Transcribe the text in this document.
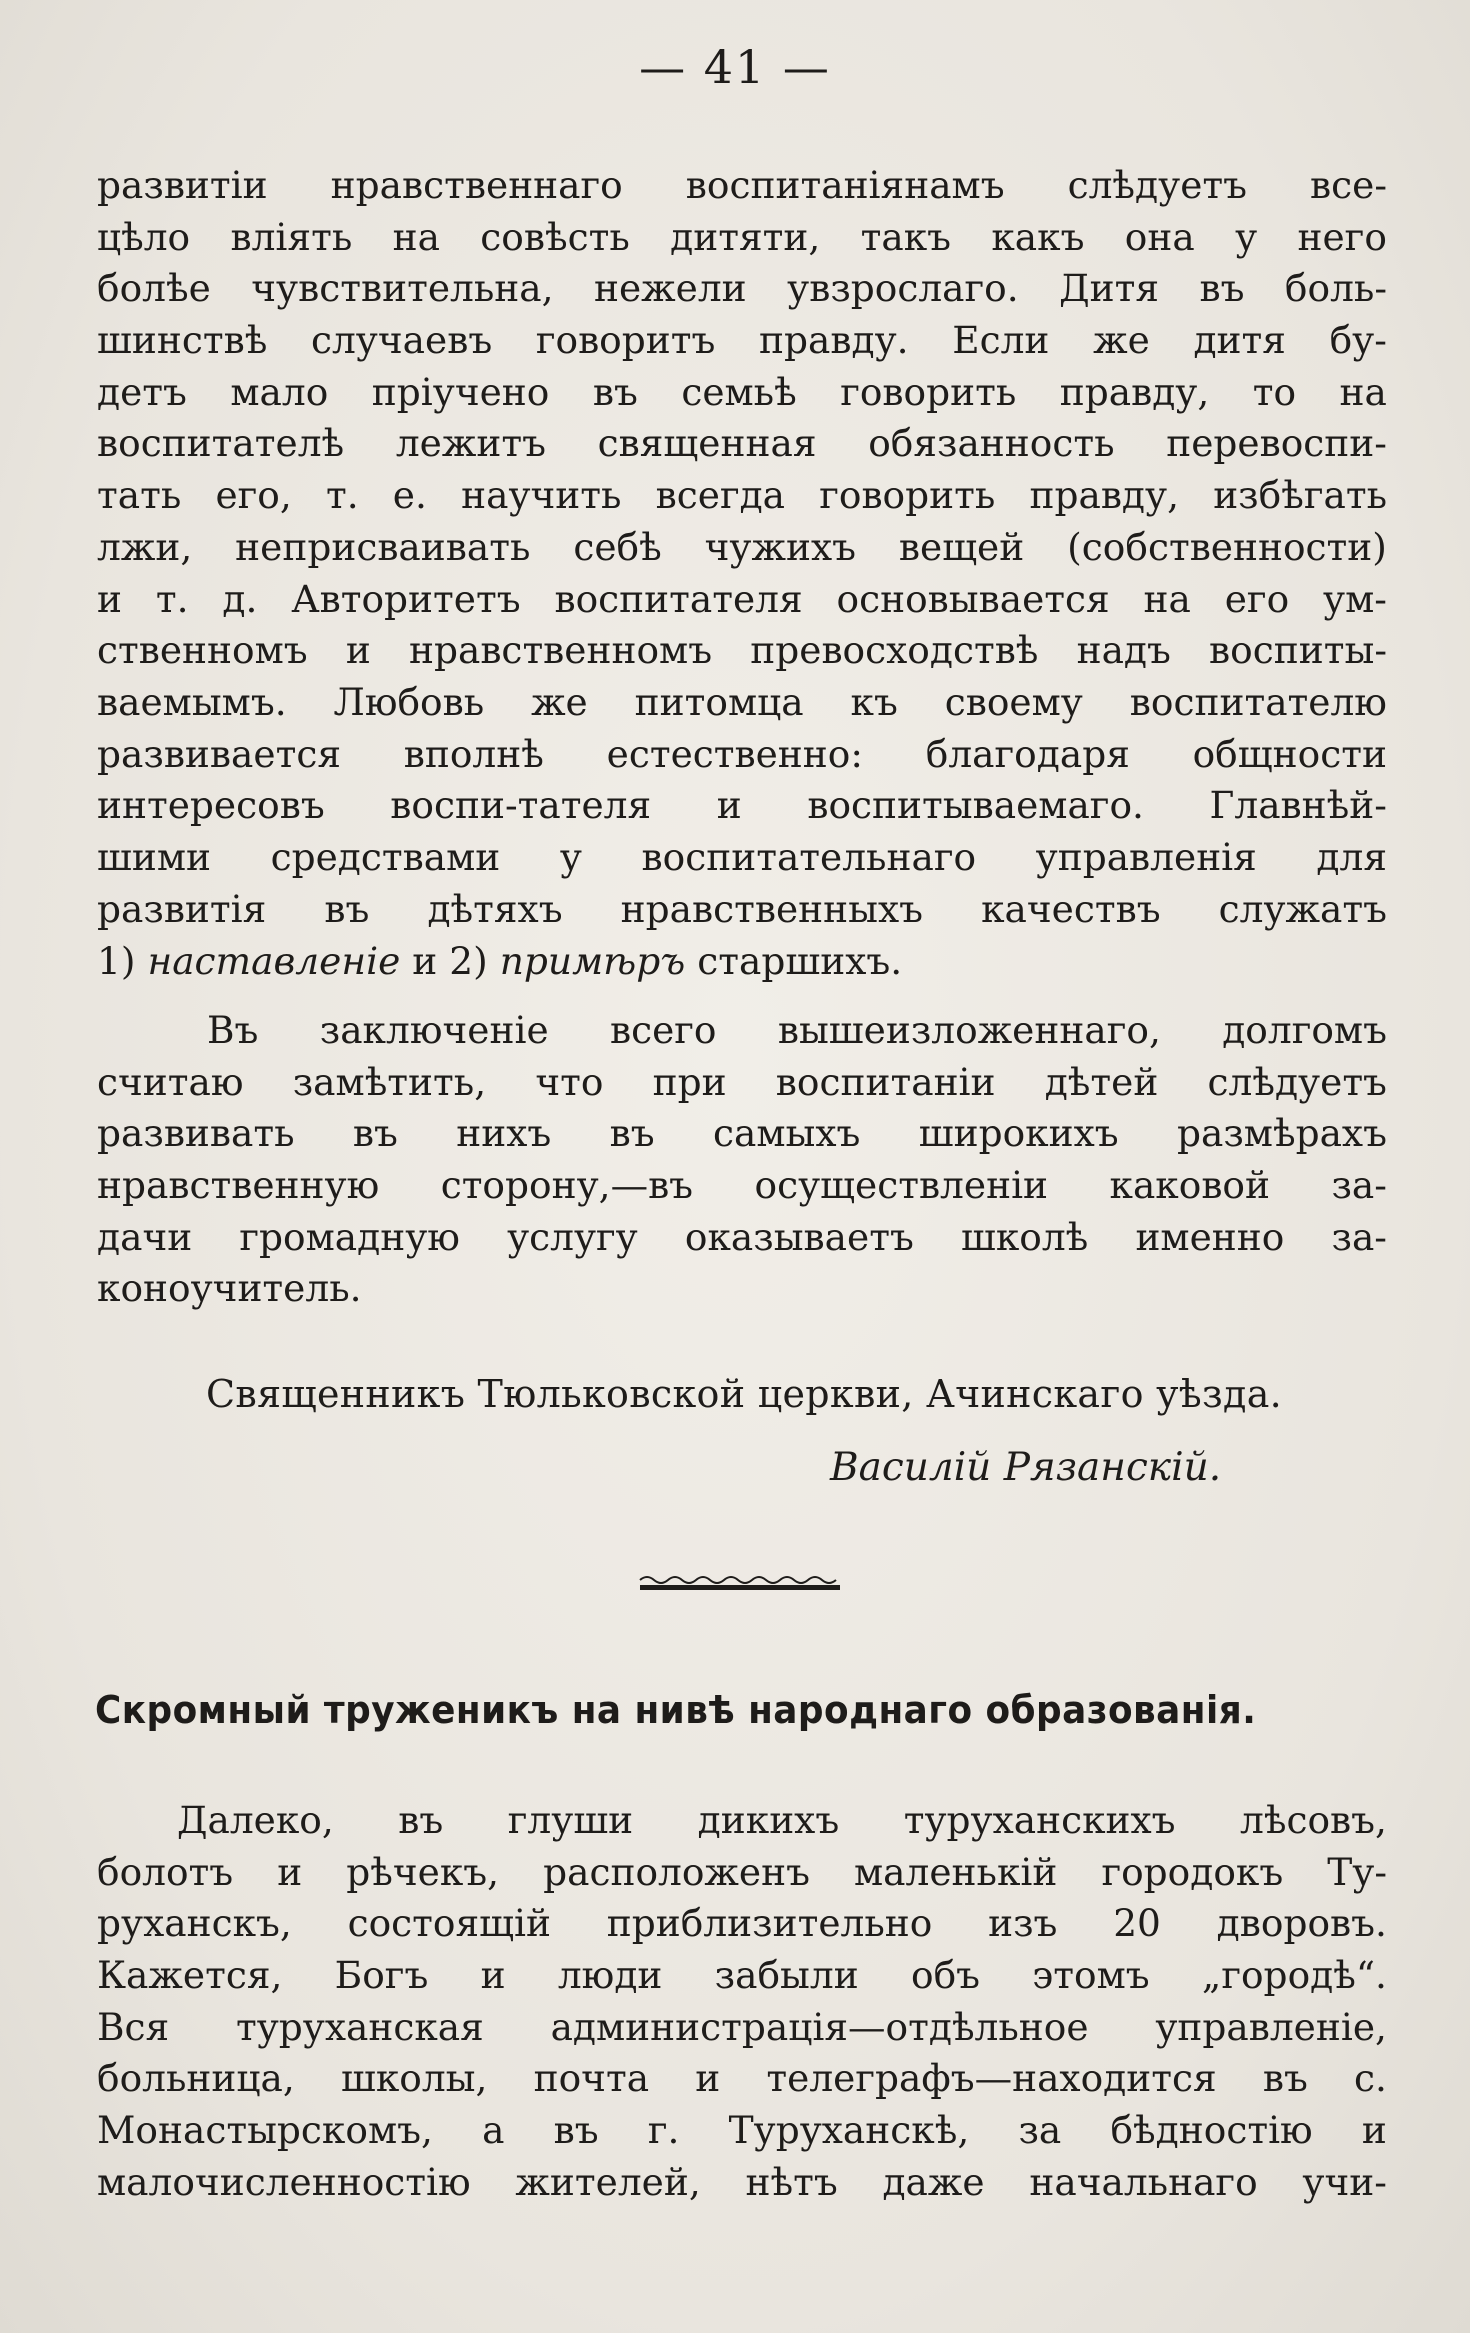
— 41 —
развитіи нравственнаго воспитаніянамъ слѣдуетъ все-
цѣло вліять на совѣсть дитяти, такъ какъ она у него
болѣе чувствительна, нежели увзрослаго. Дитя въ боль-
шинствѣ случаевъ говоритъ правду. Если же дитя бу-
детъ мало пріучено въ семьѣ говорить правду, то на
воспитателѣ лежитъ священная обязанность перевоспи-
тать его, т. е. научить всегда говорить правду, избѣгать
лжи, неприсваивать себѣ чужихъ вещей (собственности)
и т. д. Авторитетъ воспитателя основывается на его ум-
ственномъ и нравственномъ превосходствѣ надъ воспиты-
ваемымъ. Любовь же питомца къ своему воспитателю
развивается вполнѣ естественно: благодаря общности
интересовъ воспи-тателя и воспитываемаго. Главнѣй-
шими средствами у воспитательнаго управленія для
развитія въ дѣтяхъ нравственныхъ качествъ служатъ
1) наставленіе и 2) примѣръ старшихъ.
Въ заключеніе всего вышеизложеннаго, долгомъ
считаю замѣтить, что при воспитаніи дѣтей слѣдуетъ
развивать въ нихъ въ самыхъ широкихъ размѣрахъ
нравственную сторону,—въ осуществленіи каковой за-
дачи громадную услугу оказываетъ школѣ именно за-
коноучитель.
Священникъ Тюльковской церкви, Ачинскаго уѣзда.
Василій Рязанскій.
Скромный труженикъ на нивѣ народнаго образованія.
Далеко, въ глуши дикихъ туруханскихъ лѣсовъ,
болотъ и рѣчекъ, расположенъ маленькій городокъ Ту-
руханскъ, состоящій приблизительно изъ 20 дворовъ.
Кажется, Богъ и люди забыли объ этомъ „городѣ“.
Вся туруханская администрація—отдѣльное управленіе,
больница, школы, почта и телеграфъ—находится въ с.
Монастырскомъ, а въ г. Туруханскѣ, за бѣдностію и
малочисленностію жителей, нѣтъ даже начальнаго учи-
